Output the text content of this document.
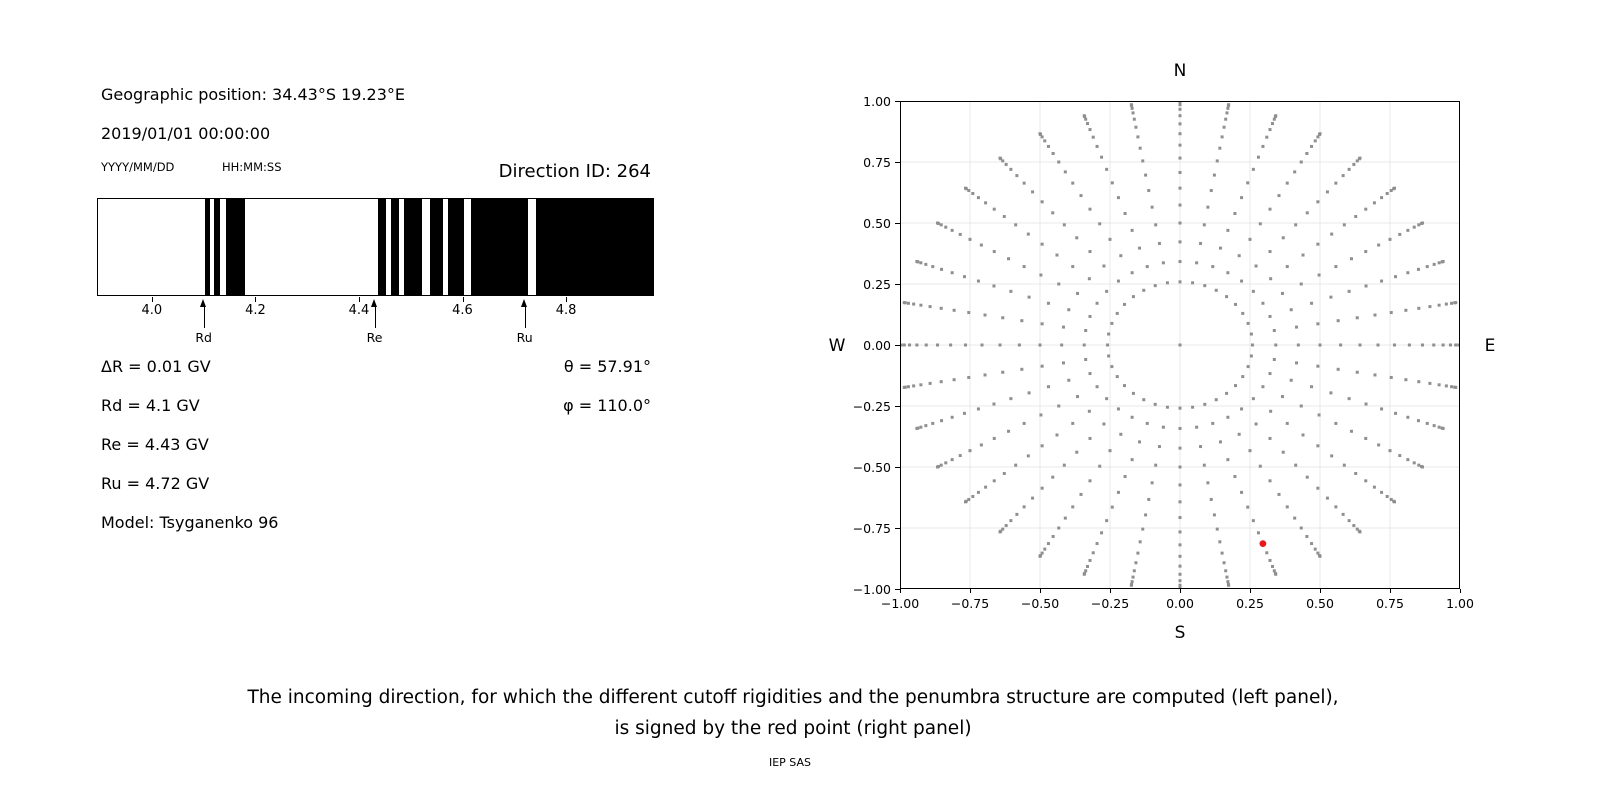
Geographic position: 34.43°S 19.23°E
2019/01/01 00:00:00
YYYY/MM/DD	HH:MM:SS	Direction ID: 264
4.0	4.2	4.4	4.6	4.8
Rd	Re	Ru
ΔR = 0.01 GV
Rd = 4.1 GV
Re = 4.43 GV
Ru = 4.72 GV
Model: Tsyganenko 96
θ = 57.91°
φ = 110.0°
−1.00	−0.75	−0.50	−0.25	0.00	0.25	0.50	0.75	1.00
1.00
0.75
0.50
0.25
0.00
−0.25
−0.50
−0.75
−1.00
N
S
W	E
The incoming direction, for which the different cutoff rigidities and the penumbra structure are computed (left panel),
is signed by the red point (right panel)
IEP SAS
